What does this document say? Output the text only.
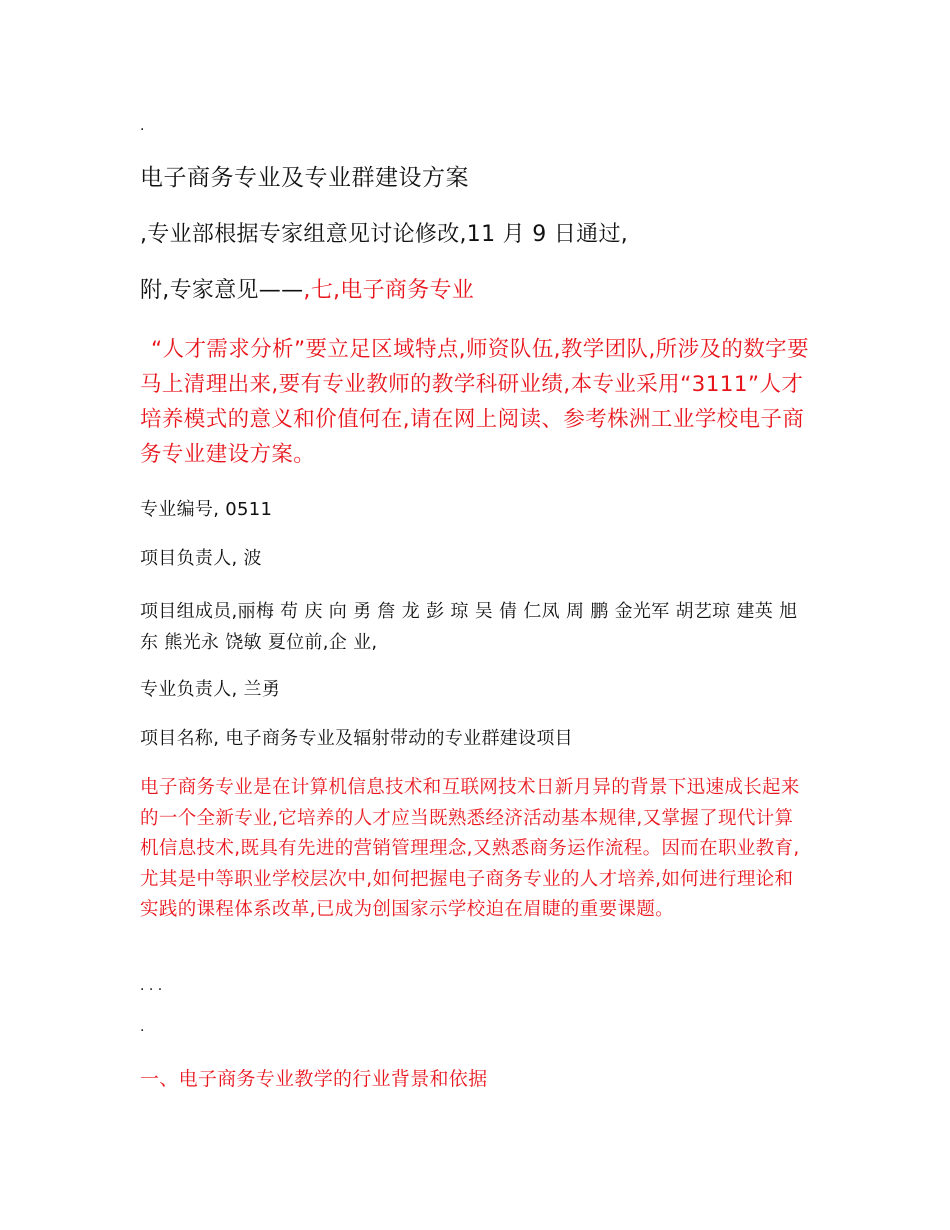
·
电子商务专业及专业群建设方案
,专业部根据专家组意见讨论修改,11 月 9 日通过,
附,专家意见——,七,电子商务专业
“人才需求分析”要立足区域特点,师资队伍,教学团队,所涉及的数字要马上清理出来,要有专业教师的教学科研业绩,本专业采用“3111”人才培养模式的意义和价值何在,请在网上阅读、参考株洲工业学校电子商务专业建设方案。
专业编号, 0511
项目负责人, 波
项目组成员,丽梅 苟 庆 向 勇 詹 龙 彭 琼 吴 倩 仁凤 周 鹏 金光军 胡艺琼 建英 旭东 熊光永 饶敏 夏位前,企 业,
专业负责人, 兰勇
项目名称, 电子商务专业及辐射带动的专业群建设项目
电子商务专业是在计算机信息技术和互联网技术日新月异的背景下迅速成长起来的一个全新专业,它培养的人才应当既熟悉经济活动基本规律,又掌握了现代计算机信息技术,既具有先进的营销管理理念,又熟悉商务运作流程。因而在职业教育,尤其是中等职业学校层次中,如何把握电子商务专业的人才培养,如何进行理论和实践的课程体系改革,已成为创国家示学校迫在眉睫的重要课题。
· · ·
·
一、电子商务专业教学的行业背景和依据
